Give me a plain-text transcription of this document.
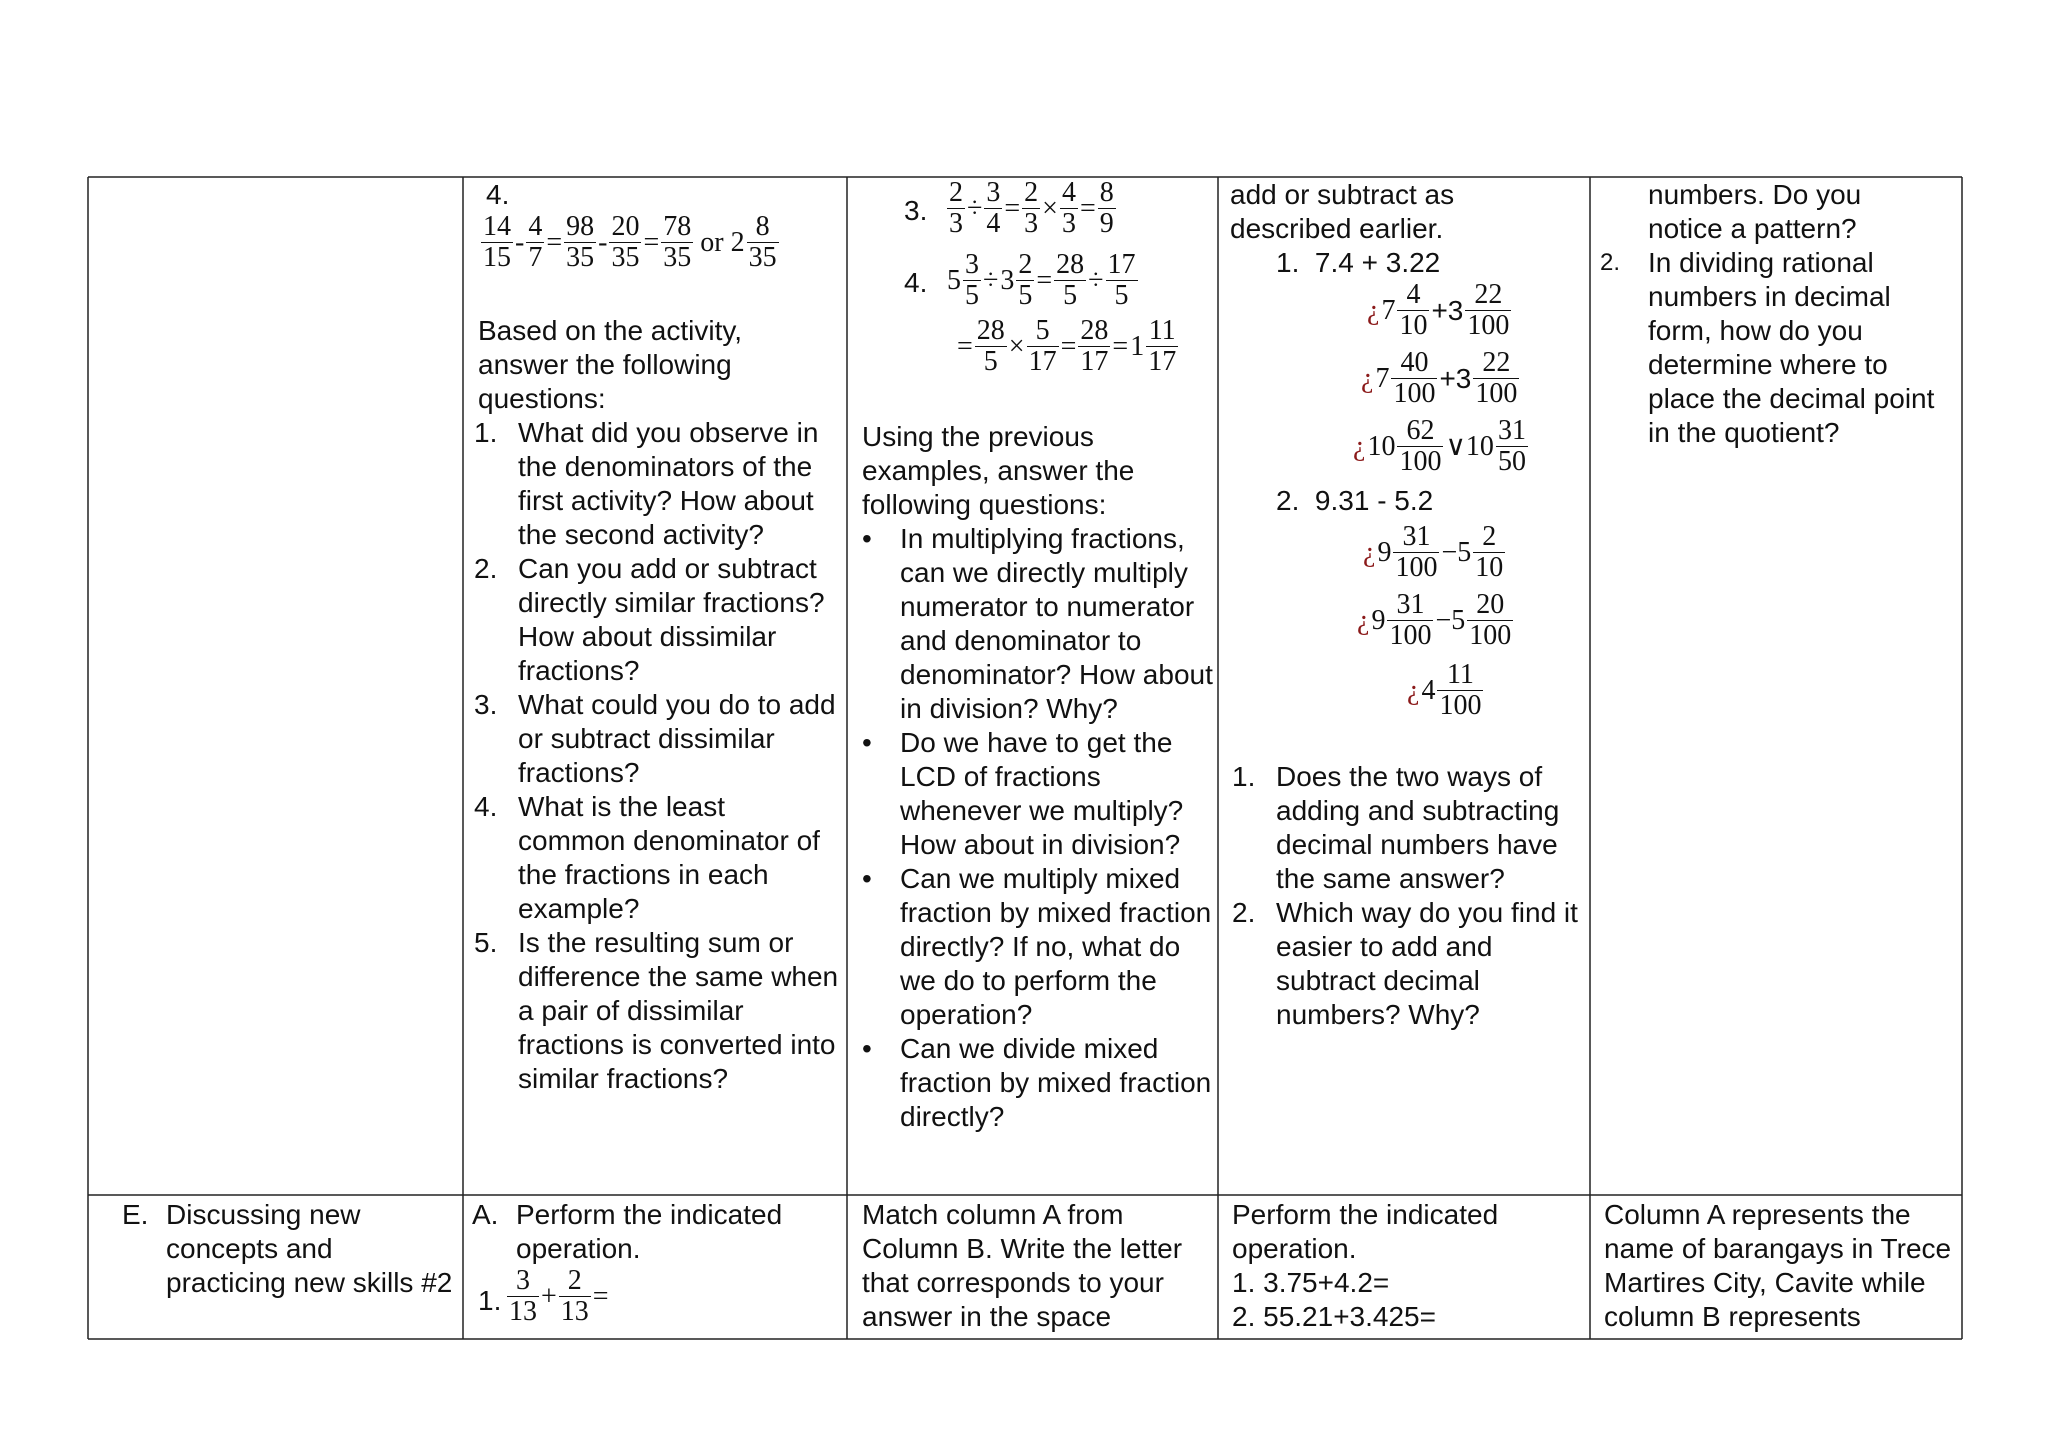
4.
$\frac{14}{15} - \frac{4}{7} = \frac{98}{35} - \frac{20}{35} = \frac{78}{35}$ or $2 \frac{8}{35}$
Based on the activity, answer the following questions:
1. What did you observe in the denominators of the first activity? How about the second activity?
2. Can you add or subtract directly similar fractions? How about dissimilar fractions?
3. What could you do to add or subtract dissimilar fractions?
4. What is the least common denominator of the fractions in each example?
5. Is the resulting sum or difference the same when a pair of dissimilar fractions is converted into similar fractions?
3. $\frac{2}{3} \div \frac{3}{4} = \frac{2}{3} \times \frac{4}{3} = \frac{8}{9}$
4. $5 \frac{3}{5} \div 3 \frac{2}{5} = \frac{28}{5} \div \frac{17}{5}$
= $\frac{28}{5} \times \frac{5}{17} = \frac{28}{17} =1 \frac{11}{17}$
Using the previous examples, answer the following questions:
• In multiplying fractions, can we directly multiply numerator to numerator and denominator to denominator? How about in division? Why?
• Do we have to get the LCD of fractions whenever we multiply? How about in division?
• Can we multiply mixed fraction by mixed fraction directly? If no, what do we do to perform the operation?
• Can we divide mixed fraction by mixed fraction directly?
add or subtract as described earlier.
1. 7.4 + 3.22
¿$7 \frac{4}{10} +3 \frac{22}{100}$
¿$7 \frac{40}{100} +3 \frac{22}{100}$
¿$10 \frac{62}{100}$ ∨10 $\frac{31}{50}$
2. 9.31 - 5.2
¿$9 \frac{31}{100} -5 \frac{2}{10}$
¿$9 \frac{31}{100} -5 \frac{20}{100}$
¿$4 \frac{11}{100}$
1. Does the two ways of adding and subtracting decimal numbers have the same answer?
2. Which way do you find it easier to add and subtract decimal numbers? Why?
numbers. Do you notice a pattern?
2. In dividing rational numbers in decimal form, how do you determine where to place the decimal point in the quotient?
E. Discussing new concepts and practicing new skills #2
A. Perform the indicated operation.
1. $\frac{3}{13} + \frac{2}{13}$ =
Match column A from Column B. Write the letter that corresponds to your answer in the space
Perform the indicated operation.
1. 3.75+4.2=
2. 55.21+3.425=
Column A represents the name of barangays in Trece Martires City, Cavite while column B represents
